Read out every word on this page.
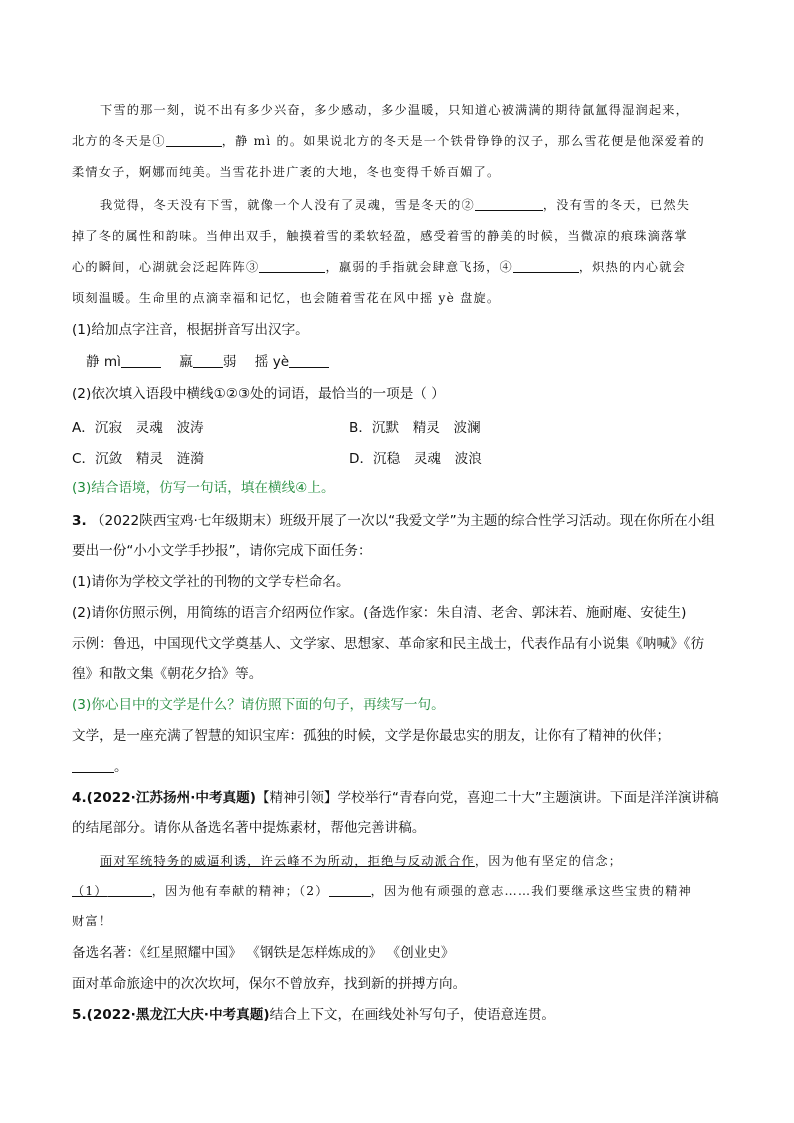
下雪的那一刻，说不出有多少兴奋，多少感动，多少温暖，只知道心被满满的期待氤氲得湿润起来，
北方的冬天是①	，静 mì 的。如果说北方的冬天是一个铁骨铮铮的汉子，那么雪花便是他深爱着的
柔情女子，婀娜而纯美。当雪花扑进广袤的大地，冬也变得千娇百媚了。
我觉得，冬天没有下雪，就像一个人没有了灵魂，雪是冬天的②	，没有雪的冬天，已然失
掉了冬的属性和韵味。当伸出双手，触摸着雪的柔软轻盈，感受着雪的静美的时候，当微凉的痕珠滴落掌
心的瞬间，心湖就会泛起阵阵③	，羸弱的手指就会肆意飞扬，④	，炽热的内心就会
顷刻温暖。生命里的点滴幸福和记忆，也会随着雪花在风中摇 yè 盘旋。
(1)给加点字注音，根据拼音写出汉字。
静 mì	羸 弱 摇 yè
(2)依次填入语段中横线①②③处的词语，最恰当的一项是（ ）
A．沉寂　灵魂　波涛	B．沉默　精灵　波澜
C．沉敛　精灵　涟漪	D．沉稳　灵魂　波浪
(3)结合语境，仿写一句话，填在横线④上。
3. （2022陕西宝鸡·七年级期末）班级开展了一次以“我爱文学”为主题的综合性学习活动。现在你所在小组
要出一份“小小文学手抄报”，请你完成下面任务：
(1)请你为学校文学社的刊物的文学专栏命名。
(2)请你仿照示例，用简练的语言介绍两位作家。(备选作家：朱自清、老舍、郭沫若、施耐庵、安徒生)
示例：鲁迅，中国现代文学奠基人、文学家、思想家、革命家和民主战士，代表作品有小说集《呐喊》《彷
徨》和散文集《朝花夕拾》等。
(3)你心目中的文学是什么？请仿照下面的句子，再续写一句。
文学，是一座充满了智慧的知识宝库：孤独的时候，文学是你最忠实的朋友，让你有了精神的伙伴；
。
4.(2022·江苏扬州·中考真题)【精神引领】学校举行“青春向党，喜迎二十大”主题演讲。下面是洋洋演讲稿
的结尾部分。请你从备选名著中提炼素材，帮他完善讲稿。
面对军统特务的威逼利诱，许云峰不为所动，拒绝与反动派合作，因为他有坚定的信念；
（1）	，因为他有奉献的精神；（2）	，因为他有顽强的意志……我们要继承这些宝贵的精神
财富！
备选名著：《红星照耀中国》 《钢铁是怎样炼成的》 《创业史》
面对革命旅途中的次次坎坷，保尔不曾放弃，找到新的拼搏方向。
5.(2022·黑龙江大庆·中考真题)结合上下文，在画线处补写句子，使语意连贯。
